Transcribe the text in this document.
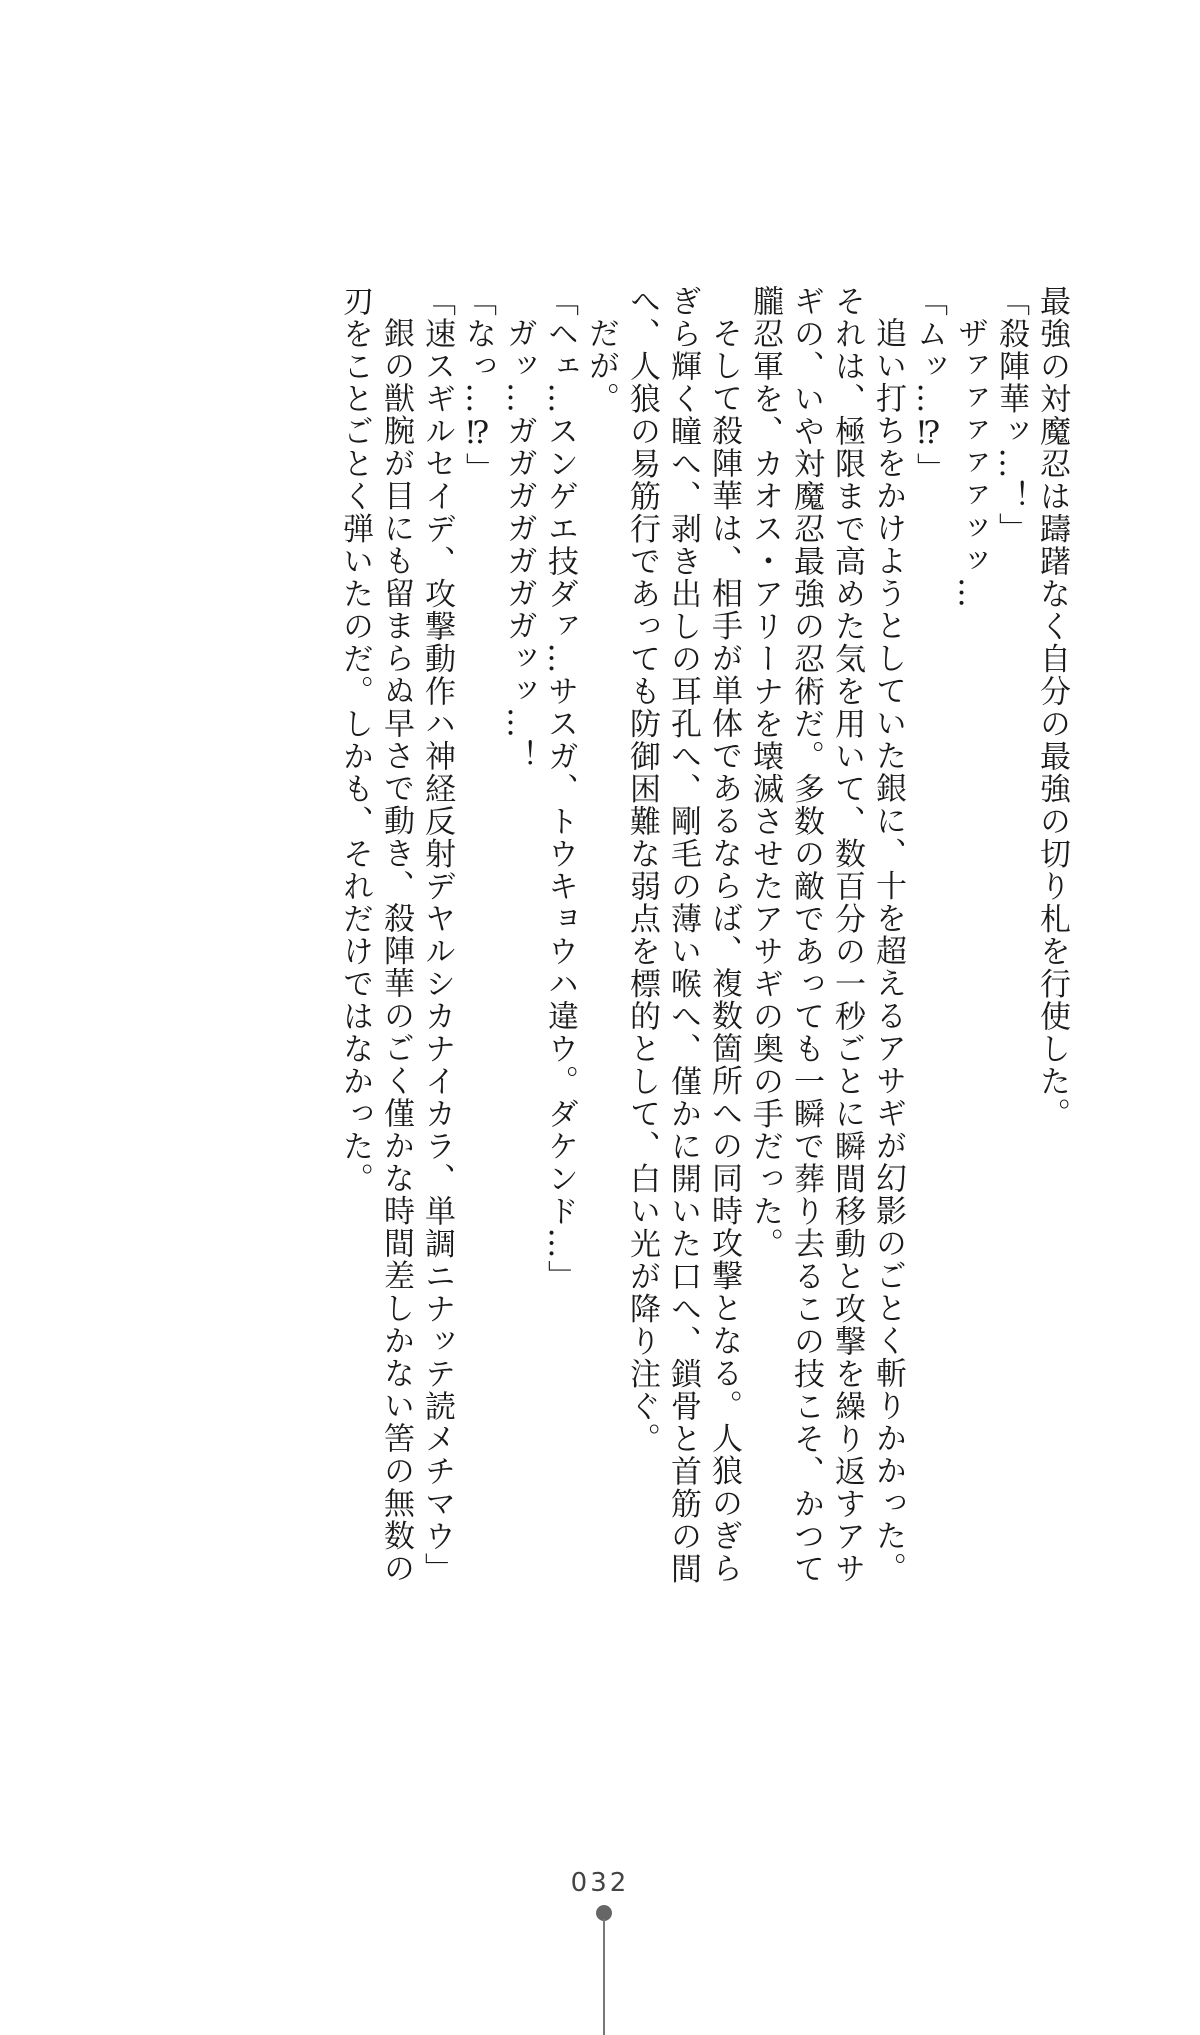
最強の対魔忍は躊躇なく自分の最強の切り札を行使した。
「殺陣華ッ…！」
ザァァァァァッッ…
「ムッ…⁉」
追い打ちをかけようとしていた銀に、十を超えるアサギが幻影のごとく斬りかかった。
それは、極限まで高めた気を用いて、数百分の一秒ごとに瞬間移動と攻撃を繰り返すアサ
ギの、いや対魔忍最強の忍術だ。多数の敵であっても一瞬で葬り去るこの技こそ、かつて
朧忍軍を、カオス・アリーナを壊滅させたアサギの奥の手だった。
そして殺陣華は、相手が単体であるならば、複数箇所への同時攻撃となる。人狼のぎら
ぎら輝く瞳へ、剥き出しの耳孔へ、剛毛の薄い喉へ、僅かに開いた口へ、鎖骨と首筋の間
へ、人狼の易筋行であっても防御困難な弱点を標的として、白い光が降り注ぐ。
だが。
「ヘェ…スンゲエ技ダァ…サスガ、トウキョウハ違ウ。ダケンド…」
ガッ…ガガガガガガガッッ…！
「なっ…⁉」
「速スギルセイデ、攻撃動作ハ神経反射デヤルシカナイカラ、単調ニナッテ読メチマウ」
銀の獣腕が目にも留まらぬ早さで動き、殺陣華のごく僅かな時間差しかない筈の無数の
刃をことごとく弾いたのだ。しかも、それだけではなかった。
032
